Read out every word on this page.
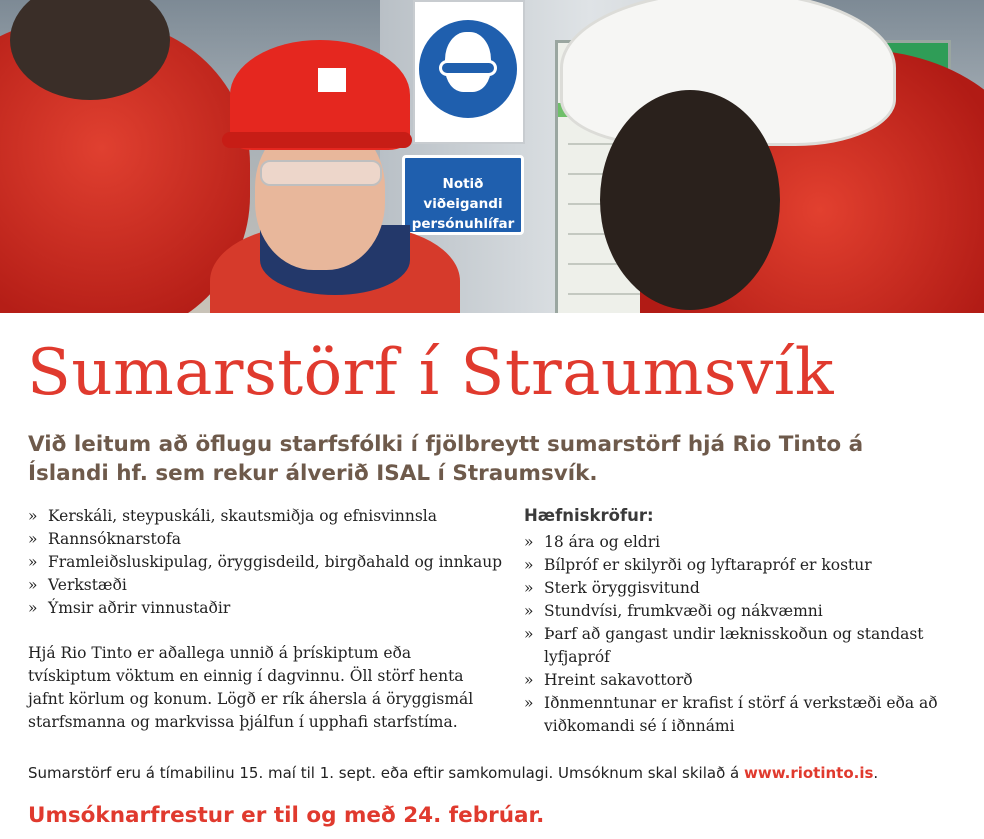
Notið viðeigandi
persónuhlífar
Sumarstörf í Straumsvík

Við leitum að öflugu starfsfólki í fjölbreytt sumarstörf hjá Rio Tinto á Íslandi hf. sem rekur álverið ISAL í Straumsvík.

» Kerskáli, steypuskáli, skautsmiðja og efnisvinnsla
» Rannsóknarstofa
» Framleiðsluskipulag, öryggisdeild, birgðahald og innkaup
» Verkstæði
» Ýmsir aðrir vinnustaðir

Hæfniskröfur:

» 18 ára og eldri
» Bílpróf er skilyrði og lyftarapróf er kostur
» Sterk öryggisvitund
» Stundvísi, frumkvæði og nákvæmni
» Þarf að gangast undir læknisskoðun og standast lyfjapróf
» Hreint sakavottorð
» Iðnmenntunar er krafist í störf á verkstæði eða að viðkomandi sé í iðnnámi

Hjá Rio Tinto er aðallega unnið á þrískiptum eða tvískiptum vöktum en einnig í dagvinnu. Öll störf henta jafnt körlum og konum. Lögð er rík áhersla á öryggismál starfsmanna og markvissa þjálfun í upphafi starfstíma.

Sumarstörf eru á tímabilinu 15. maí til 1. sept. eða eftir samkomulagi. Umsóknum skal skilað á www.riotinto.is.

Umsóknarfrestur er til og með 24. febrúar.
